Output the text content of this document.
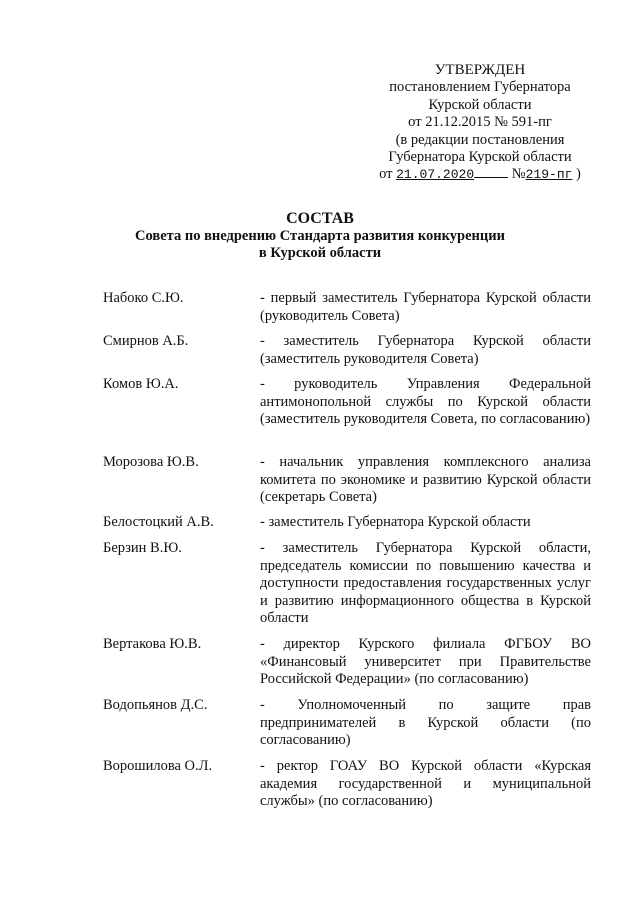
УТВЕРЖДЕН
постановлением Губернатора
Курской области
от 21.12.2015 № 591-пг
(в редакции постановления
Губернатора Курской области
от 21.07.2020	№219-пг )
СОСТАВ
Совета по внедрению Стандарта развития конкуренции
в Курской области
Набоко С.Ю.	- первый заместитель Губернатора Курской области (руководитель Совета)
Смирнов А.Б.	- заместитель Губернатора Курской области (заместитель руководителя Совета)
Комов Ю.А.	- руководитель Управления Федеральной антимонопольной службы по Курской области (заместитель руководителя Совета, по согласованию)
Морозова Ю.В.	- начальник управления комплексного анализа комитета по экономике и развитию Курской области (секретарь Совета)
Белостоцкий А.В.	- заместитель Губернатора Курской области
Берзин В.Ю.	- заместитель Губернатора Курской области, председатель комиссии по повышению качества и доступности предоставления государственных услуг и развитию информационного общества в Курской области
Вертакова Ю.В.	- директор Курского филиала ФГБОУ ВО «Финансовый университет при Правительстве Российской Федерации» (по согласованию)
Водопьянов Д.С.	- Уполномоченный по защите прав предпринимателей в Курской области (по согласованию)
Ворошилова О.Л.	- ректор ГОАУ ВО Курской области «Курская академия государственной и муниципальной службы» (по согласованию)
